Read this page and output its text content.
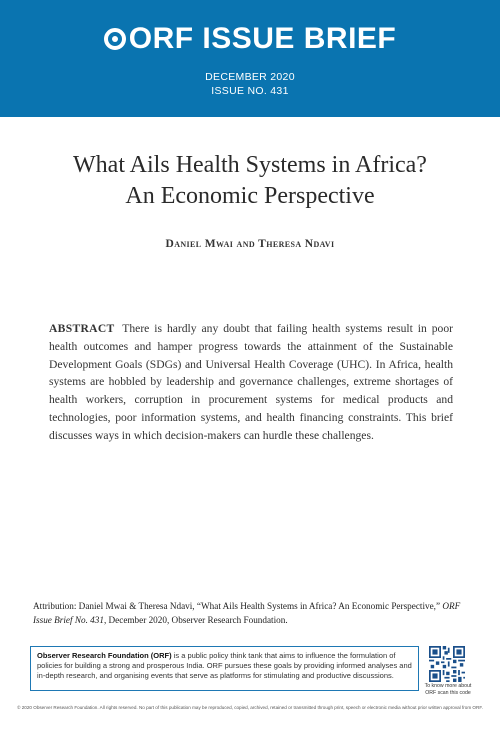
ORF ISSUE BRIEF
DECEMBER 2020
ISSUE NO. 431
What Ails Health Systems in Africa?
An Economic Perspective
Daniel Mwai and Theresa Ndavi
ABSTRACT There is hardly any doubt that failing health systems result in poor health outcomes and hamper progress towards the attainment of the Sustainable Development Goals (SDGs) and Universal Health Coverage (UHC). In Africa, health systems are hobbled by leadership and governance challenges, extreme shortages of health workers, corruption in procurement systems for medical products and technologies, poor information systems, and health financing constraints. This brief discusses ways in which decision-makers can hurdle these challenges.
Attribution: Daniel Mwai & Theresa Ndavi, “What Ails Health Systems in Africa? An Economic Perspective,” ORF Issue Brief No. 431, December 2020, Observer Research Foundation.
Observer Research Foundation (ORF) is a public policy think tank that aims to influence the formulation of policies for building a strong and prosperous India. ORF pursues these goals by providing informed analyses and in-depth research, and organising events that serve as platforms for stimulating and productive discussions.
To know more about
ORF scan this code
© 2020 Observer Research Foundation. All rights reserved. No part of this publication may be reproduced, copied, archived, retained or transmitted through print, speech or electronic media without prior written approval from ORF.
